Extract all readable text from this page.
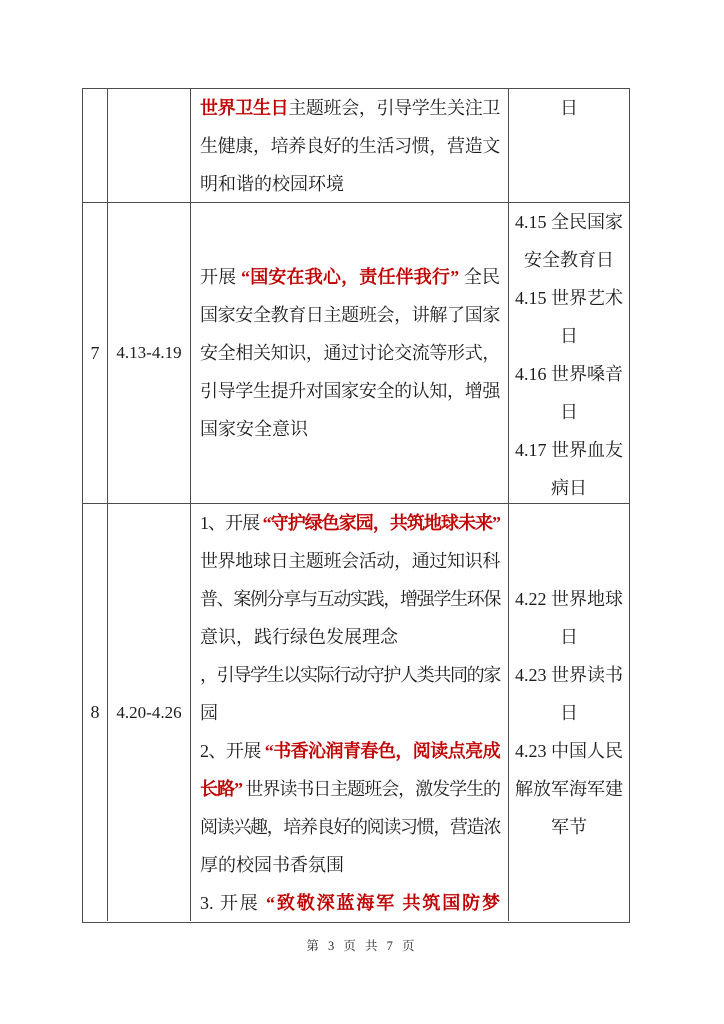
世界卫生日主题班会，引导学生关注卫
生健康，培养良好的生活习惯，营造文
明和谐的校园环境
日
7 4.13-4.19
开展 “国安在我心，责任伴我行” 全民
国家安全教育日主题班会，讲解了国家
安全相关知识，通过讨论交流等形式，
引导学生提升对国家安全的认知，增强
国家安全意识
4.15 全民国家
安全教育日
4.15 世界艺术
日
4.16 世界嗓音
日
4.17 世界血友
病日
8 4.20-4.26
1、开展 “守护绿色家园，共筑地球未来”
世界地球日主题班会活动，通过知识科
普、案例分享与互动实践，增强学生环保
意识，践行绿色发展理念
，引导学生以实际行动守护人类共同的家
园
2、开展 “书香沁润青春色，阅读点亮成
长路” 世界读书日主题班会，激发学生的
阅读兴趣，培养良好的阅读习惯，营造浓
厚的校园书香氛围
3. 开展 “致敬深蓝海军 共筑国防梦
4.22 世界地球
日
4.23 世界读书
日
4.23 中国人民
解放军海军建
军节
第 3 页 共 7 页
